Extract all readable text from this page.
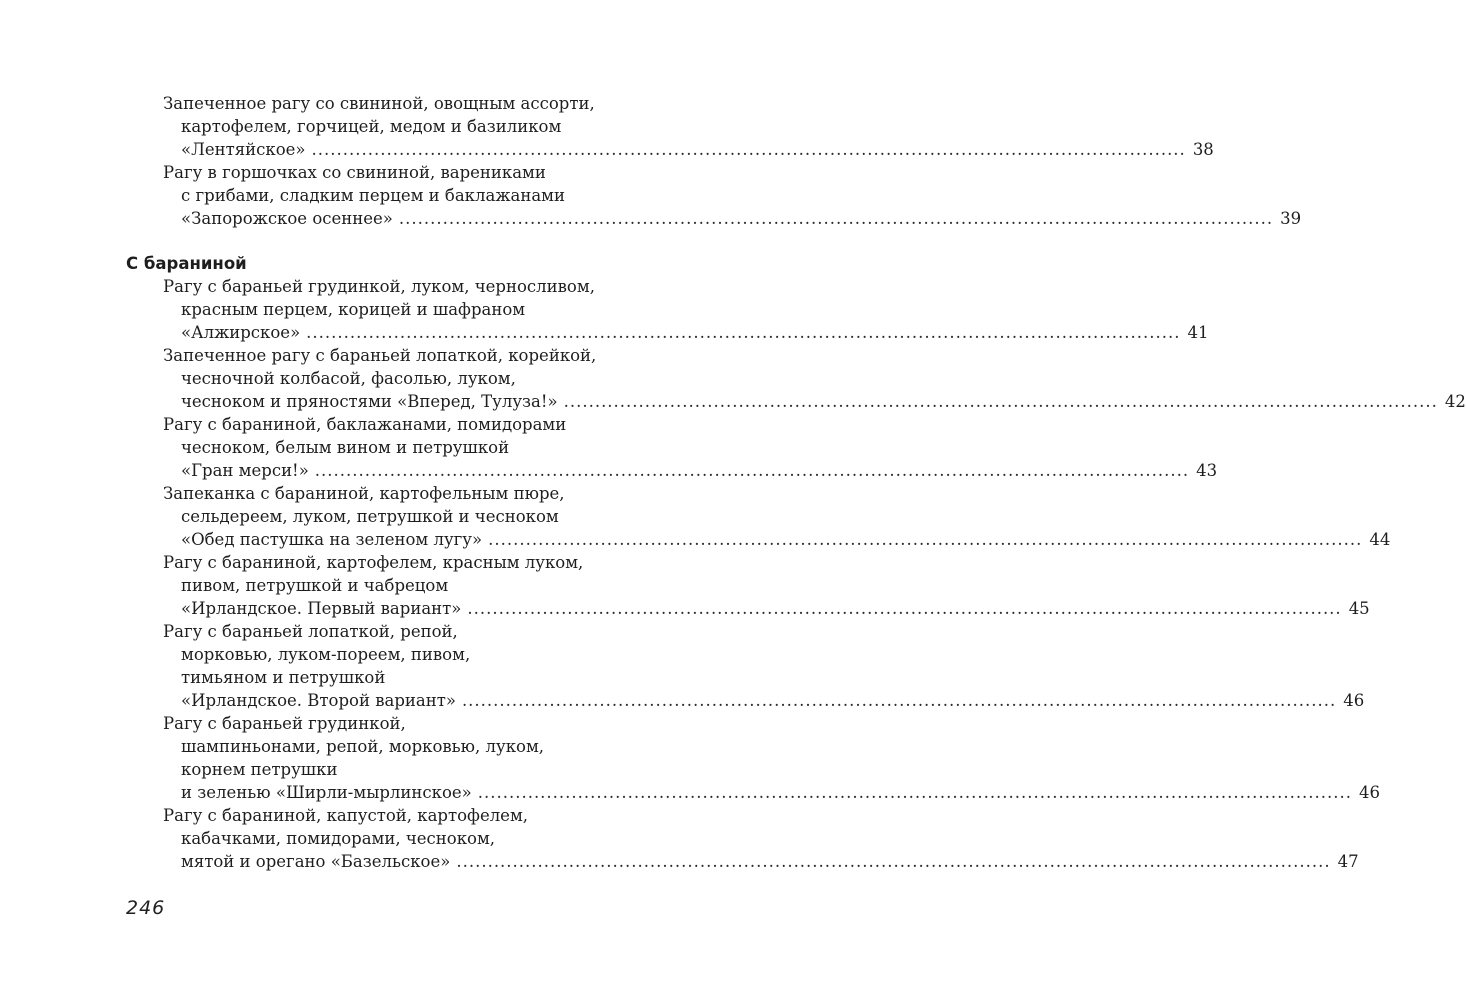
Запеченное рагу со свининой, овощным ассорти,
картофелем, горчицей, медом и базиликом
«Лентяйское» ............................................................................................................................................ 38
Рагу в горшочках со свининой, варениками
с грибами, сладким перцем и баклажанами
«Запорожское осеннее» ............................................................................................................................................ 39
С бараниной
Рагу с бараньей грудинкой, луком, черносливом,
красным перцем, корицей и шафраном
«Алжирское» ............................................................................................................................................ 41
Запеченное рагу с бараньей лопаткой, корейкой,
чесночной колбасой, фасолью, луком,
чесноком и пряностями «Вперед, Тулуза!» ............................................................................................................................................ 42
Рагу с бараниной, баклажанами, помидорами
чесноком, белым вином и петрушкой
«Гран мерси!» ............................................................................................................................................ 43
Запеканка с бараниной, картофельным пюре,
сельдереем, луком, петрушкой и чесноком
«Обед пастушка на зеленом лугу» ............................................................................................................................................ 44
Рагу с бараниной, картофелем, красным луком,
пивом, петрушкой и чабрецом
«Ирландское. Первый вариант» ............................................................................................................................................ 45
Рагу с бараньей лопаткой, репой,
морковью, луком-пореем, пивом,
тимьяном и петрушкой
«Ирландское. Второй вариант» ............................................................................................................................................ 46
Рагу с бараньей грудинкой,
шампиньонами, репой, морковью, луком,
корнем петрушки
и зеленью «Ширли-мырлинское» ............................................................................................................................................ 46
Рагу с бараниной, капустой, картофелем,
кабачками, помидорами, чесноком,
мятой и орегано «Базельское» ............................................................................................................................................ 47
246
